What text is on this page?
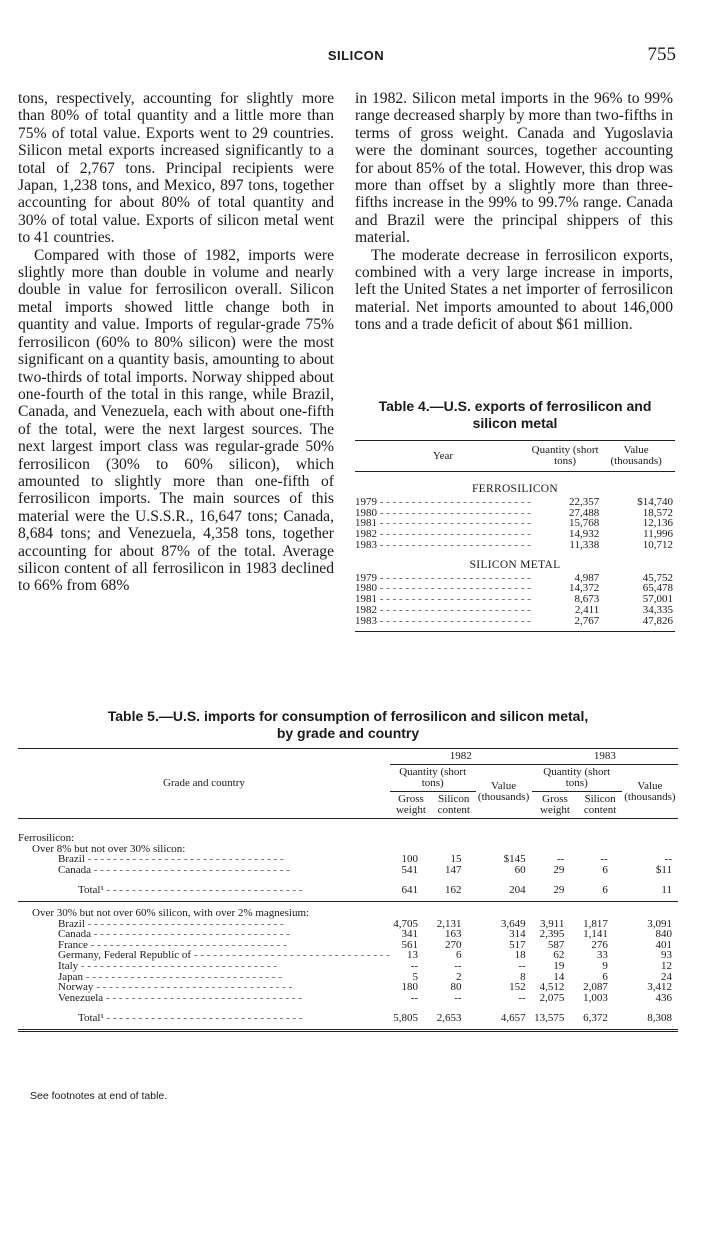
SILICON	755

tons, respectively, accounting for slightly more than 80% of total quantity and a little more than 75% of total value. Exports went to 29 countries. Silicon metal exports increased significantly to a total of 2,767 tons. Principal recipients were Japan, 1,238 tons, and Mexico, 897 tons, together accounting for about 80% of total quantity and 30% of total value. Exports of silicon metal went to 41 countries.

Compared with those of 1982, imports were slightly more than double in volume and nearly double in value for ferrosilicon overall. Silicon metal imports showed little change both in quantity and value. Imports of regular-grade 75% ferrosilicon (60% to 80% silicon) were the most significant on a quantity basis, amounting to about two-thirds of total imports. Norway shipped about one-fourth of the total in this range, while Brazil, Canada, and Venezuela, each with about one-fifth of the total, were the next largest sources. The next largest import class was regular-grade 50% ferrosilicon (30% to 60% silicon), which amounted to slightly more than one-fifth of ferrosilicon imports. The main sources of this material were the U.S.S.R., 16,647 tons; Canada, 8,684 tons; and Venezuela, 4,358 tons, together accounting for about 87% of the total. Average silicon content of all ferrosilicon in 1983 declined to 66% from 68%

in 1982. Silicon metal imports in the 96% to 99% range decreased sharply by more than two-fifths in terms of gross weight. Canada and Yugoslavia were the dominant sources, together accounting for about 85% of the total. However, this drop was more than offset by a slightly more than three-fifths increase in the 99% to 99.7% range. Canada and Brazil were the principal shippers of this material.

The moderate decrease in ferrosilicon exports, combined with a very large increase in imports, left the United States a net importer of ferrosilicon material. Net imports amounted to about 146,000 tons and a trade deficit of about $61 million.

Table 4.—U.S. exports of ferrosilicon and silicon metal
Year	Quantity (short tons)	Value (thousands)
FERROSILICON		
1979 - - - - - - - - - - - - - - - - - - - - - - - -	22,357	$14,740
1980 - - - - - - - - - - - - - - - - - - - - - - - -	27,488	18,572
1981 - - - - - - - - - - - - - - - - - - - - - - - -	15,768	12,136
1982 - - - - - - - - - - - - - - - - - - - - - - - -	14,932	11,996
1983 - - - - - - - - - - - - - - - - - - - - - - - -	11,338	10,712
SILICON METAL		
1979 - - - - - - - - - - - - - - - - - - - - - - - -	4,987	45,752
1980 - - - - - - - - - - - - - - - - - - - - - - - -	14,372	65,478
1981 - - - - - - - - - - - - - - - - - - - - - - - -	8,673	57,001
1982 - - - - - - - - - - - - - - - - - - - - - - - -	2,411	34,335
1983 - - - - - - - - - - - - - - - - - - - - - - - -	2,767	47,826

Table 5.—U.S. imports for consumption of ferrosilicon and silicon metal,
by grade and country
Grade and country	1982			1983		
	Quantity (short tons)		Value (thousands)	Quantity (short tons)		Value (thousands)
	Gross weight	Silicon content		Gross weight	Silicon content	

Ferrosilicon:						
Over 8% but not over 30% silicon:						
Brazil - - - - - - - - - - - - - - - - - - - - - - - - - - - - - - -	100	15	$145	--	--	--
Canada - - - - - - - - - - - - - - - - - - - - - - - - - - - - - - -	541	147	60	29	6	$11

Total¹ - - - - - - - - - - - - - - - - - - - - - - - - - - - - - - -	641	162	204	29	6	11

Over 30% but not over 60% silicon, with over 2% magnesium:						
Brazil - - - - - - - - - - - - - - - - - - - - - - - - - - - - - - -	4,705	2,131	3,649	3,911	1,817	3,091
Canada - - - - - - - - - - - - - - - - - - - - - - - - - - - - - - -	341	163	314	2,395	1,141	840
France - - - - - - - - - - - - - - - - - - - - - - - - - - - - - - -	561	270	517	587	276	401
Germany, Federal Republic of - - - - - - - - - - - - - - - - - - - - - - - - - - - - - - -	13	6	18	62	33	93
Italy - - - - - - - - - - - - - - - - - - - - - - - - - - - - - - -	--	--	--	19	9	12
Japan - - - - - - - - - - - - - - - - - - - - - - - - - - - - - - -	5	2	8	14	6	24
Norway - - - - - - - - - - - - - - - - - - - - - - - - - - - - - - -	180	80	152	4,512	2,087	3,412
Venezuela - - - - - - - - - - - - - - - - - - - - - - - - - - - - - - -	--	--	--	2,075	1,003	436

Total¹ - - - - - - - - - - - - - - - - - - - - - - - - - - - - - - -	5,805	2,653	4,657	13,575	6,372	8,308

See footnotes at end of table.
